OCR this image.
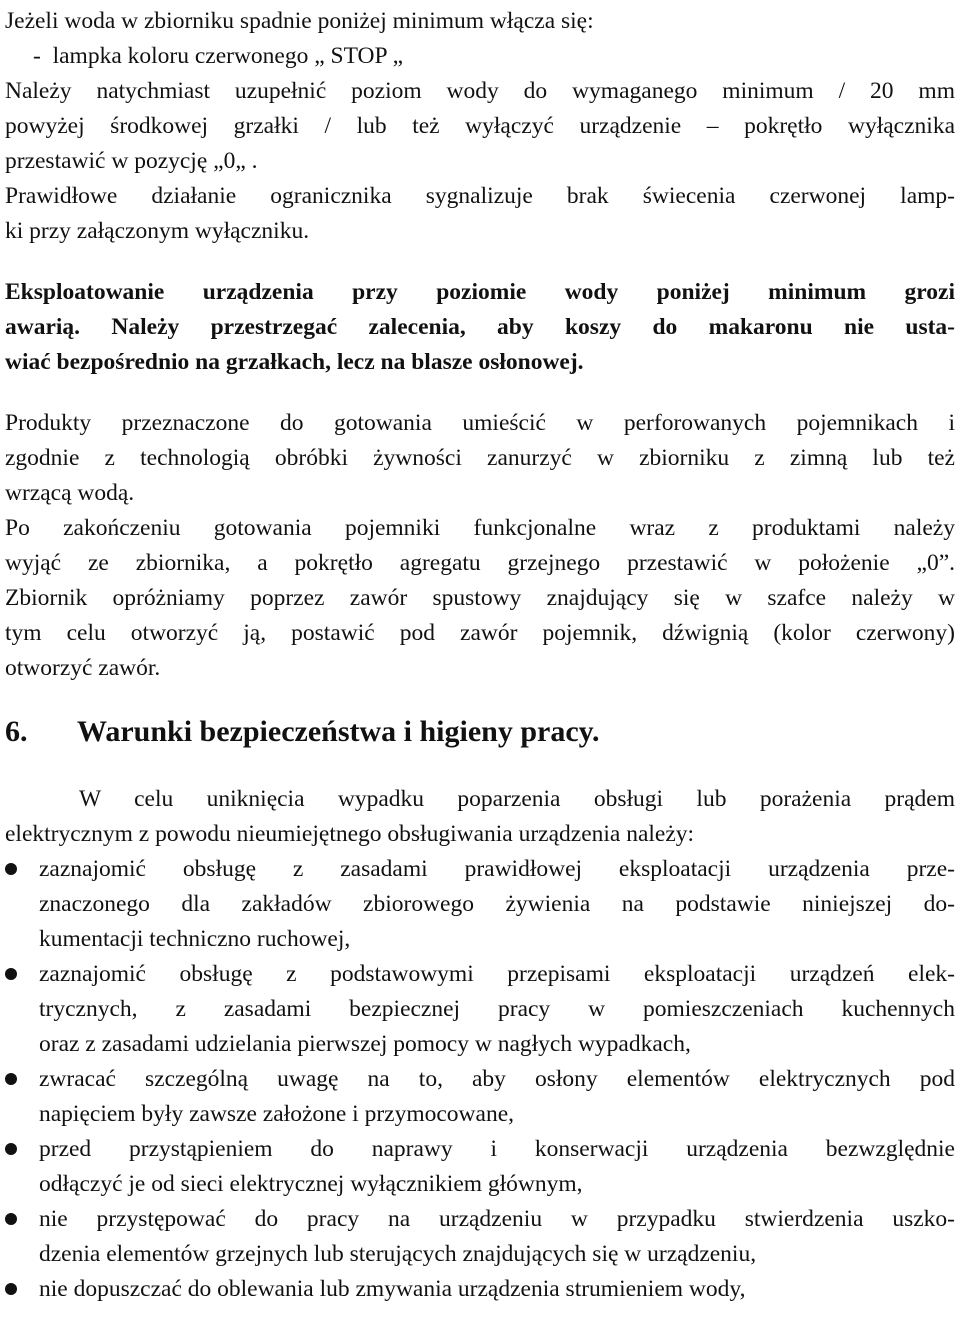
Jeżeli woda w zbiorniku spadnie poniżej minimum włącza się:

-  lampka koloru czerwonego „ STOP „

Należy natychmiast uzupełnić poziom wody do wymaganego minimum / 20 mm

powyżej środkowej grzałki / lub też wyłączyć urządzenie – pokrętło wyłącznika

przestawić w pozycję „0„ .

Prawidłowe działanie ogranicznika sygnalizuje brak świecenia czerwonej lamp-

ki przy załączonym wyłączniku.

Eksploatowanie urządzenia przy poziomie wody poniżej minimum grozi

awarią. Należy przestrzegać zalecenia, aby koszy do makaronu nie usta-

wiać bezpośrednio na grzałkach, lecz na blasze osłonowej.

Produkty przeznaczone do gotowania umieścić w perforowanych pojemnikach i

zgodnie z technologią obróbki żywności zanurzyć w zbiorniku z zimną lub też

wrzącą wodą.

Po zakończeniu gotowania pojemniki funkcjonalne wraz z produktami należy

wyjąć ze zbiornika, a pokrętło agregatu grzejnego przestawić w położenie „0”.

Zbiornik opróżniamy poprzez zawór spustowy znajdujący się w szafce należy w

tym celu otworzyć ją, postawić pod zawór pojemnik, dźwignią (kolor czerwony)

otworzyć zawór.

6.	Warunki bezpieczeństwa i higieny pracy.

W celu uniknięcia wypadku poparzenia obsługi lub porażenia prądem

elektrycznym z powodu nieumiejętnego obsługiwania urządzenia należy:

zaznajomić obsługę z zasadami prawidłowej eksploatacji urządzenia prze-

znaczonego dla zakładów zbiorowego żywienia na podstawie niniejszej do-

kumentacji techniczno ruchowej,

zaznajomić obsługę z podstawowymi przepisami eksploatacji urządzeń elek-

trycznych, z zasadami bezpiecznej pracy w pomieszczeniach kuchennych

oraz z zasadami udzielania pierwszej pomocy w nagłych wypadkach,

zwracać szczególną uwagę na to, aby osłony elementów elektrycznych pod

napięciem były zawsze założone i przymocowane,

przed przystąpieniem do naprawy i konserwacji urządzenia bezwzględnie

odłączyć je od sieci elektrycznej wyłącznikiem głównym,

nie przystępować do pracy na urządzeniu w przypadku stwierdzenia uszko-

dzenia elementów grzejnych lub sterujących znajdujących się w urządzeniu,

nie dopuszczać do oblewania lub zmywania urządzenia strumieniem wody,
